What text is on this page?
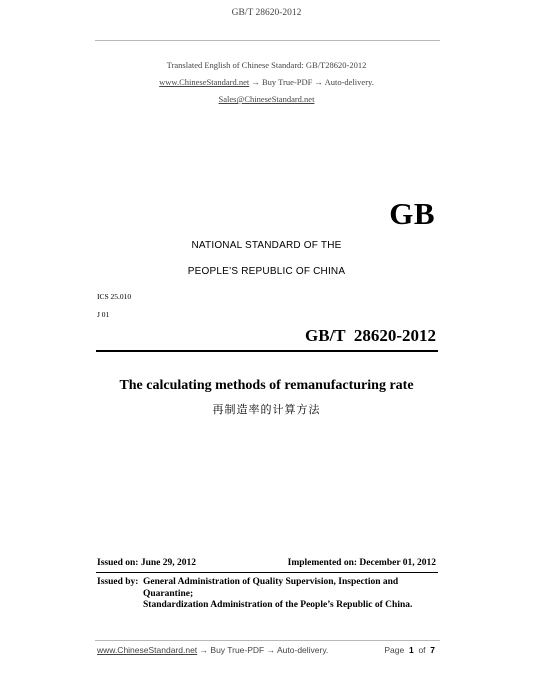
GB/T 28620-2012
Translated English of Chinese Standard: GB/T28620-2012
www.ChineseStandard.net → Buy True-PDF → Auto-delivery.
Sales@ChineseStandard.net
GB
NATIONAL STANDARD OF THE
PEOPLE’S REPUBLIC OF CHINA
ICS 25.010
J 01
GB/T  28620-2012
The calculating methods of remanufacturing rate
再制造率的计算方法
Issued on: June 29, 2012	Implemented on: December 01, 2012
Issued by: General Administration of Quality Supervision, Inspection and
Quarantine;
Standardization Administration of the People’s Republic of China.
www.ChineseStandard.net → Buy True-PDF → Auto-delivery.	Page 1 of 7
